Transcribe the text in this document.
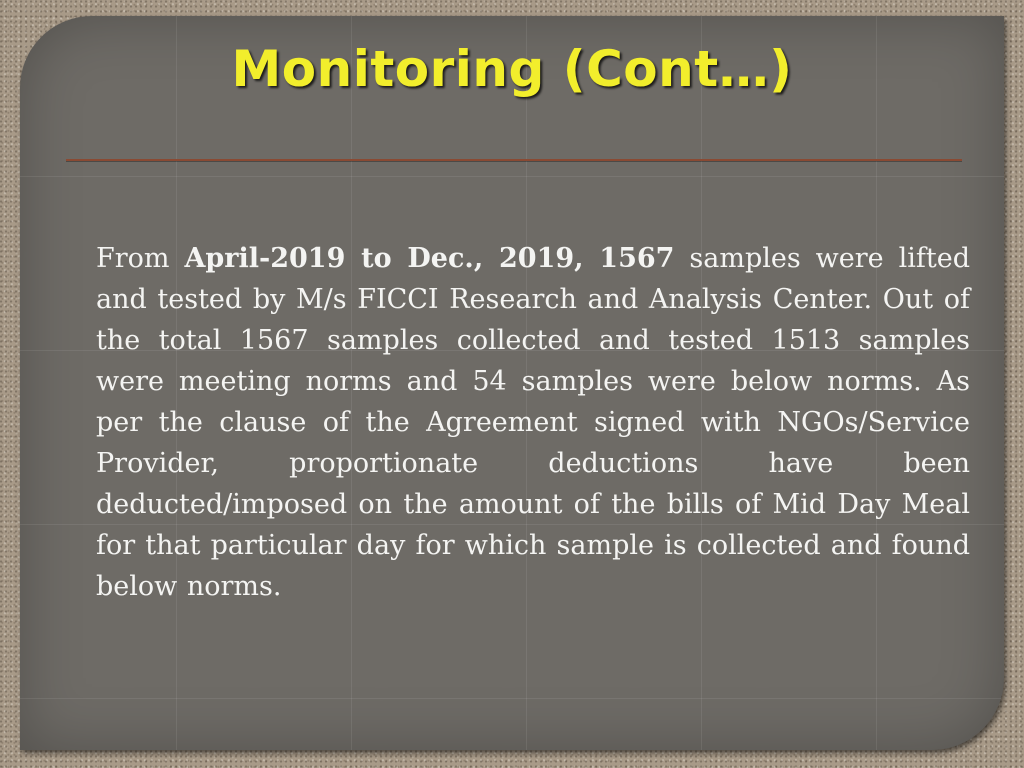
Monitoring (Cont…)

From April-2019 to Dec., 2019, 1567 samples were lifted and tested by M/s FICCI Research and Analysis Center. Out of the total 1567 samples collected and tested 1513 samples were meeting norms and 54 samples were below norms. As per the clause of the Agreement signed with NGOs/Service Provider, proportionate deductions have been deducted/imposed on the amount of the bills of Mid Day Meal for that particular day for which sample is collected and found below norms.
